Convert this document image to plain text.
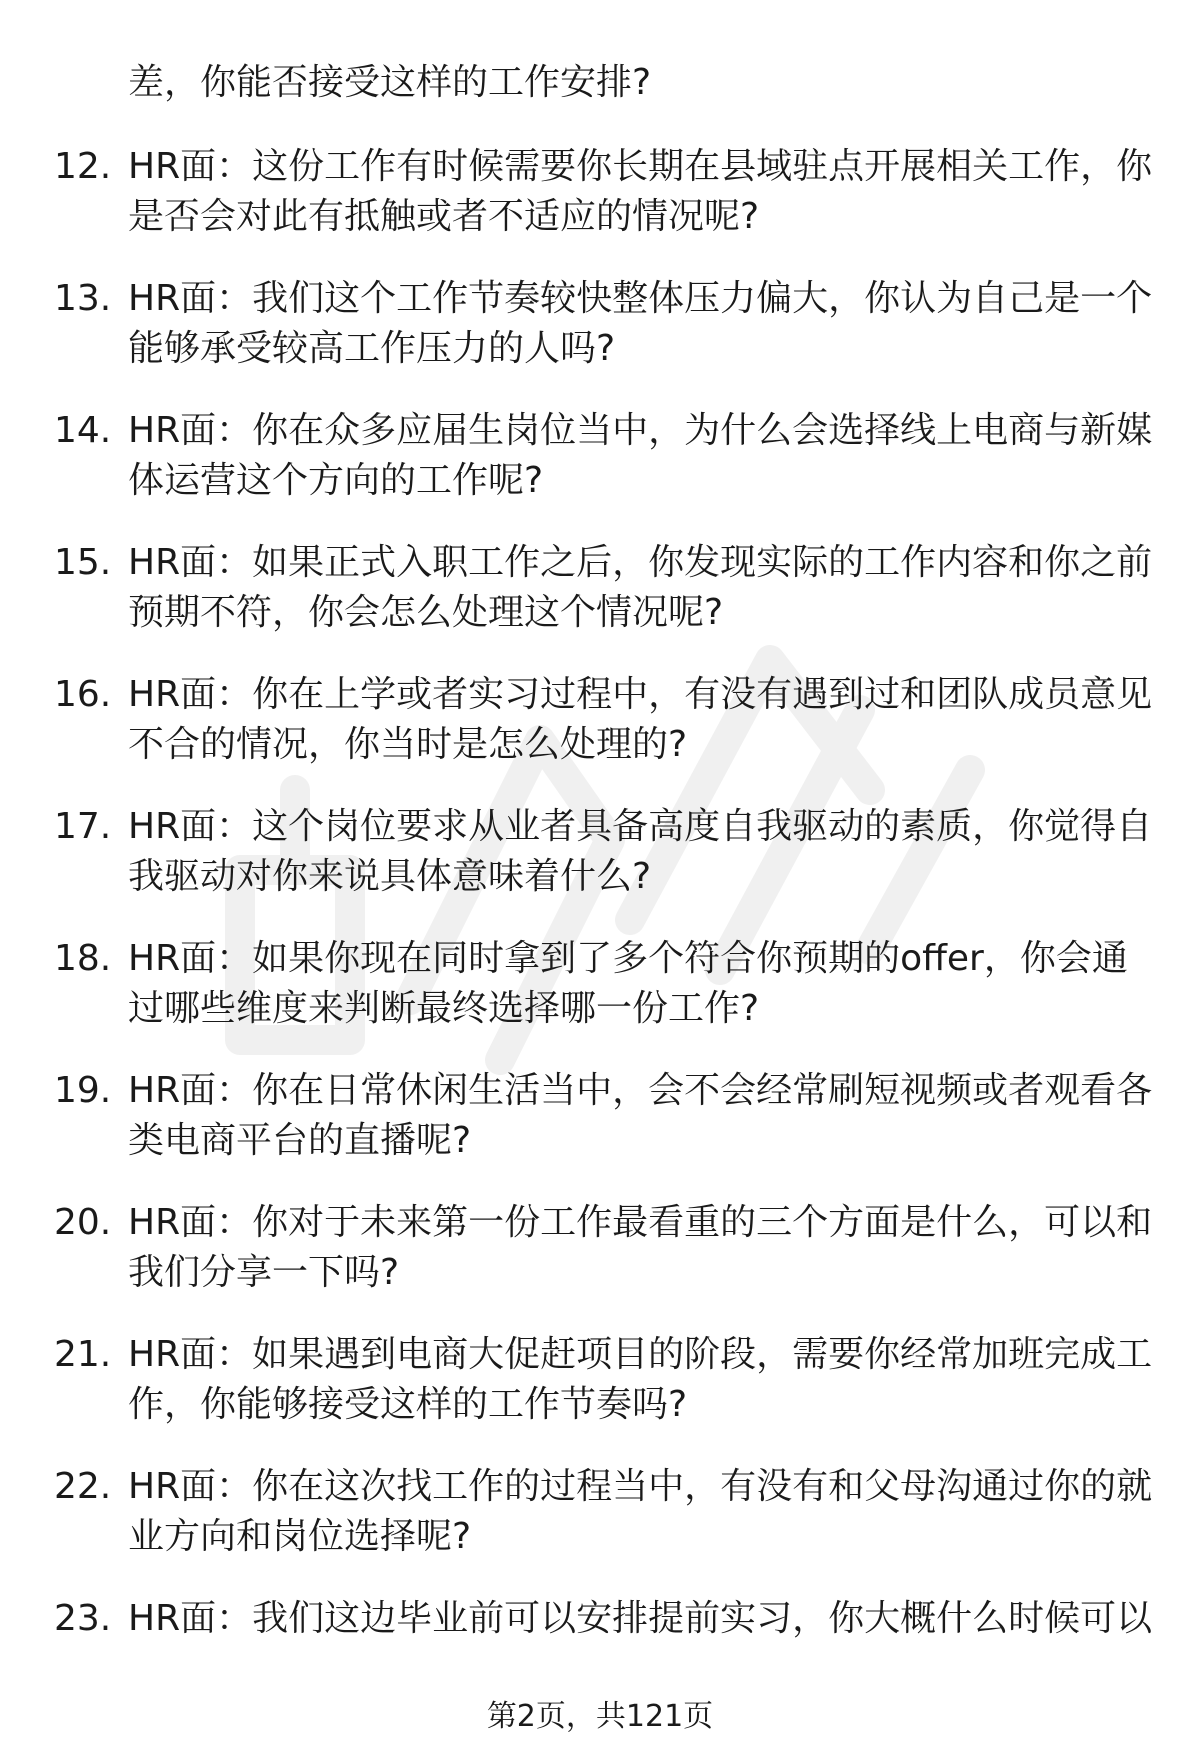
差，你能否接受这样的工作安排?
12. HR面：这份工作有时候需要你长期在县域驻点开展相关工作，你
是否会对此有抵触或者不适应的情况呢?
13. HR面：我们这个工作节奏较快整体压力偏大，你认为自己是一个
能够承受较高工作压力的人吗?
14. HR面：你在众多应届生岗位当中，为什么会选择线上电商与新媒
体运营这个方向的工作呢?
15. HR面：如果正式入职工作之后，你发现实际的工作内容和你之前
预期不符，你会怎么处理这个情况呢?
16. HR面：你在上学或者实习过程中，有没有遇到过和团队成员意见
不合的情况，你当时是怎么处理的?
17. HR面：这个岗位要求从业者具备高度自我驱动的素质，你觉得自
我驱动对你来说具体意味着什么?
18. HR面：如果你现在同时拿到了多个符合你预期的offer，你会通
过哪些维度来判断最终选择哪一份工作?
19. HR面：你在日常休闲生活当中，会不会经常刷短视频或者观看各
类电商平台的直播呢?
20. HR面：你对于未来第一份工作最看重的三个方面是什么，可以和
我们分享一下吗?
21. HR面：如果遇到电商大促赶项目的阶段，需要你经常加班完成工
作，你能够接受这样的工作节奏吗?
22. HR面：你在这次找工作的过程当中，有没有和父母沟通过你的就
业方向和岗位选择呢?
23. HR面：我们这边毕业前可以安排提前实习，你大概什么时候可以
第2页，共121页
